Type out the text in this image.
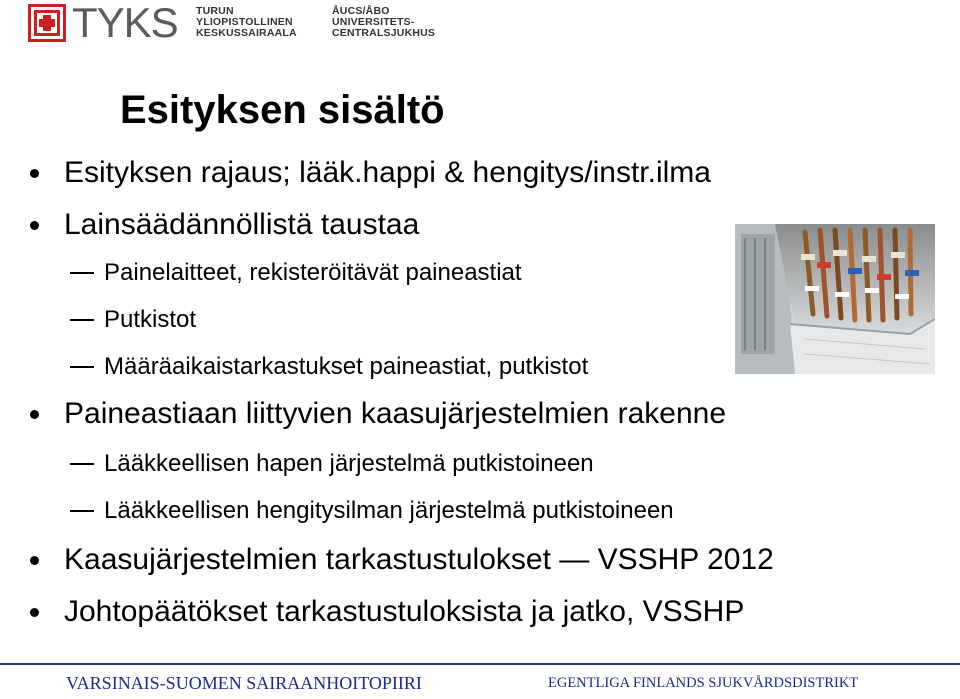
TYKS TURUN
YLIOPISTOLLINEN
KESKUSSAIRAALA
ÅUCS/ÅBO
UNIVERSITETS-
CENTRALSJUKHUS
Esityksen sisältö
Esityksen rajaus; lääk.happi & hengitys/instr.ilma
Lainsäädännöllistä taustaa
Painelaitteet, rekisteröitävät paineastiat
Putkistot
Määräaikaistarkastukset paineastiat, putkistot
Paineastiaan liittyvien kaasujärjestelmien rakenne
Lääkkeellisen hapen järjestelmä putkistoineen
Lääkkeellisen hengitysilman järjestelmä putkistoineen
Kaasujärjestelmien tarkastustulokset — VSSHP 2012
Johtopäätökset tarkastustuloksista ja jatko, VSSHP
VARSINAIS-SUOMEN SAIRAANHOITOPIIRI	EGENTLIGA FINLANDS SJUKVÅRDSDISTRIKT
